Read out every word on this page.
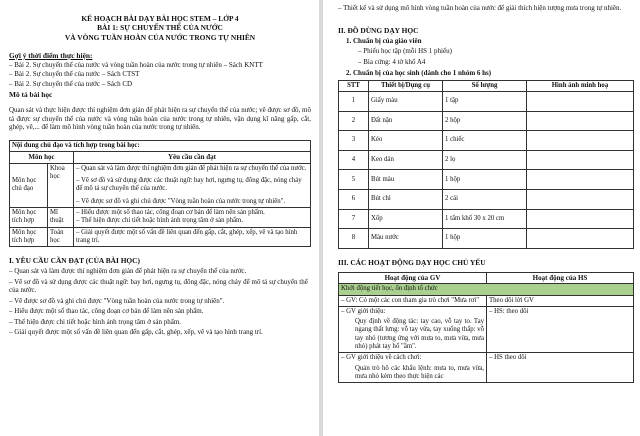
KẾ HOẠCH BÀI DẠY BÀI HỌC STEM – LỚP 4
BÀI 1: SỰ CHUYỂN THỂ CỦA NƯỚC
VÀ VÒNG TUẦN HOÀN CỦA NƯỚC TRONG TỰ NHIÊN
Gợi ý thời điểm thực hiện:
– Bài 2. Sự chuyển thể của nước và vòng tuần hoàn của nước trong tự nhiên – Sách KNTT
– Bài 2. Sự chuyển thể của nước – Sách CTST
– Bài 2. Sự chuyển thể của nước – Sách CD
Mô tả bài học

Quan sát và thực hiện được thí nghiệm đơn giản để phát hiện ra sự chuyển thể của nước; vẽ được sơ đồ, mô tả được sự chuyển thể của nước và vòng tuần hoàn của nước trong tự nhiên, vận dụng kĩ năng gấp, cắt, ghép, vẽ,... để làm mô hình vòng tuần hoàn của nước trong tự nhiên.

Nội dung chủ đạo và tích hợp trong bài học:		
Môn học		Yêu cầu cần đạt
Môn học chủ đạo	Khoa học	– Quan sát và làm được thí nghiệm đơn giản để phát hiện ra sự chuyển thể của nước.
– Vẽ sơ đồ và sử dụng được các thuật ngữ: bay hơi, ngưng tụ, đông đặc, nóng chảy để mô tả sự chuyển thể của nước.
– Vẽ được sơ đồ và ghi chú được "Vòng tuần hoàn của nước trong tự nhiên".

Môn học tích hợp	Mĩ thuật	– Hiểu được một số thao tác, công đoạn cơ bản để làm nên sản phẩm.
– Thể hiện được chi tiết hoặc hình ảnh trọng tâm ở sản phẩm.

Môn học tích hợp	Toán học	– Giải quyết được một số vấn đề liên quan đến gấp, cắt, ghép, xếp, vẽ và tạo hình trang trí.
I. YÊU CẦU CẦN ĐẠT (CỦA BÀI HỌC)
– Quan sát và làm được thí nghiệm đơn giản để phát hiện ra sự chuyển thể của nước.
– Vẽ sơ đồ và sử dụng được các thuật ngữ: bay hơi, ngưng tụ, đông đặc, nóng chảy để mô tả sự chuyển thể của nước.
– Vẽ được sơ đồ và ghi chú được "Vòng tuần hoàn của nước trong tự nhiên".
– Hiểu được một số thao tác, công đoạn cơ bản để làm nên sản phẩm.
– Thể hiện được chi tiết hoặc hình ảnh trọng tâm ở sản phẩm.
– Giải quyết được một số vấn đề liên quan đến gấp, cắt, ghép, xếp, vẽ và tạo hình trang trí.
– Thiết kế và sử dụng mô hình vòng tuần hoàn của nước để giải thích hiện tượng mưa trong tự nhiên.
II. ĐỒ DÙNG DẠY HỌC
1. Chuẩn bị của giáo viên
– Phiếu học tập (mỗi HS 1 phiếu)
– Bìa cứng: 4 tờ khổ A4
2. Chuẩn bị của học sinh (dành cho 1 nhóm 6 hs)
STT	Thiết bị/Dụng cụ	Số lượng	Hình ảnh minh hoạ
1	Giấy màu	1 tập	
2	Đất nặn	2 hộp	
3	Kéo	1 chiếc	
4	Keo dán	2 lọ	
5	Bút màu	1 hộp	
6	Bút chì	2 cái	
7	Xốp	1 tấm khổ 30 x 20 cm	
8	Màu nước	1 hộp	
III. CÁC HOẠT ĐỘNG DẠY HỌC CHỦ YẾU
Hoạt động của GV	Hoạt động của HS
Khởi động tiết học, ổn định tổ chức	

– GV: Có một các con tham gia trò chơi "Mưa rơi"	Theo dõi lời GV

– GV giới thiệu:
Quy định về động tác: tay cao, vỗ tay to. Tay ngang thất lưng: vỗ tay vừa, tay xuống thấp: vỗ tay nhỏ (tương ứng với mưa to, mưa vừa, mưa nhỏ) phát tay hổ "ầm".	– HS: theo dõi

– GV giới thiệu về cách chơi:
Quản trò hô các khẩu lệnh: mưa to, mưa vừa, mưa nhỏ kèm theo thực hiện các	– HS theo dõi
